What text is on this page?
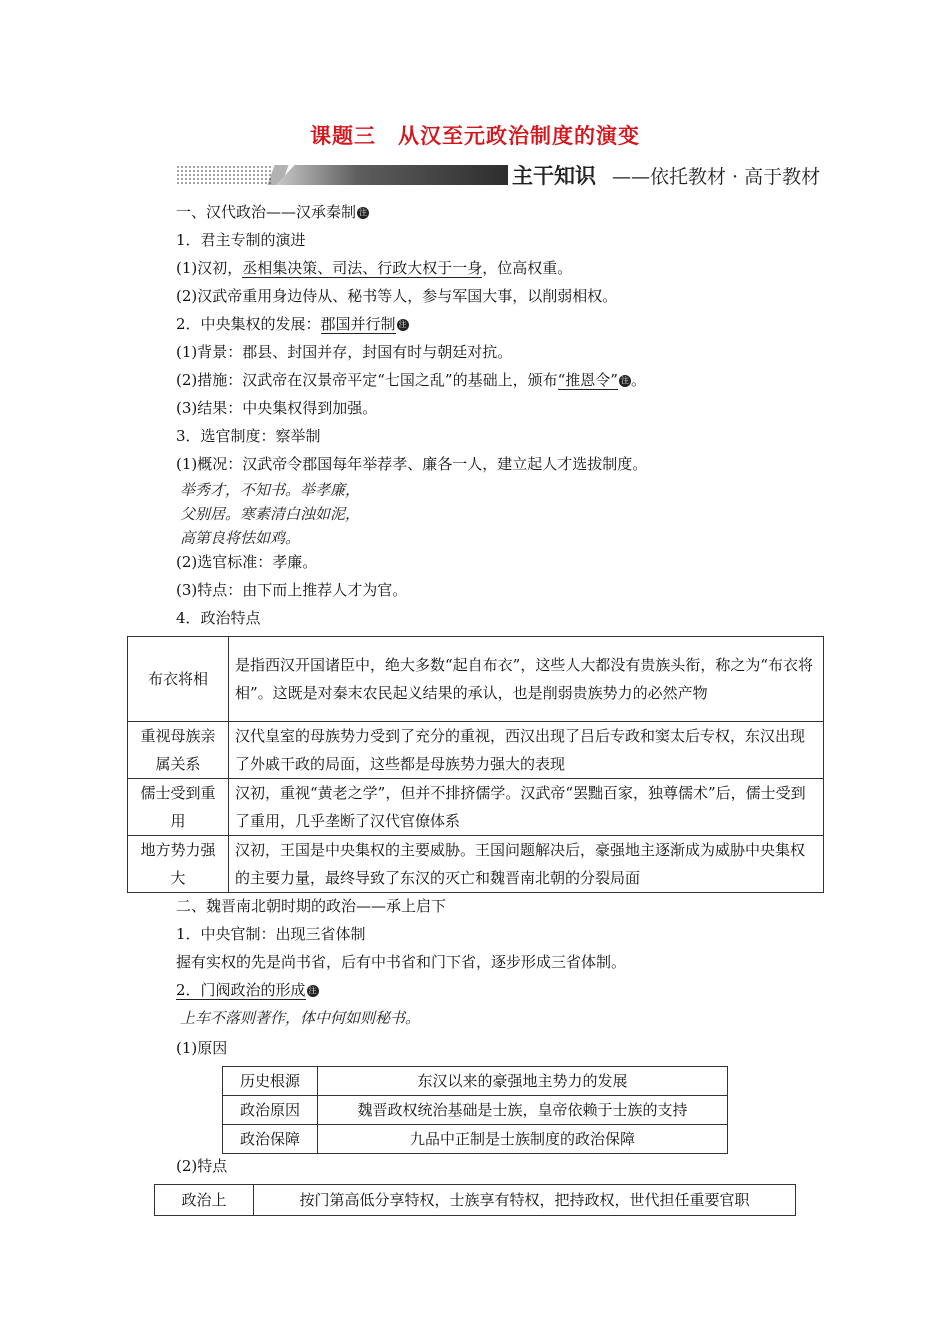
课题三　从汉至元政治制度的演变
主干知识 ——依托教材 · 高于教材
一、汉代政治——汉承秦制 注
1．君主专制的演进
(1)汉初，丞相集决策、司法、行政大权于一身，位高权重。
(2)汉武帝重用身边侍从、秘书等人，参与军国大事，以削弱相权。
2．中央集权的发展：郡国并行制 注
(1)背景：郡县、封国并存，封国有时与朝廷对抗。
(2)措施：汉武帝在汉景帝平定“七国之乱”的基础上，颁布“推恩令” 注 。
(3)结果：中央集权得到加强。
3．选官制度：察举制
(1)概况：汉武帝令郡国每年举荐孝、廉各一人，建立起人才选拔制度。
举秀才，不知书。举孝廉，
父别居。寒素清白浊如泥，
高第良将怯如鸡。
(2)选官标准：孝廉。
(3)特点：由下而上推荐人才为官。
4．政治特点
布衣将相	是指西汉开国诸臣中，绝大多数“起自布衣”，这些人大都没有贵族头衔，称之为“布衣将相”。这既是对秦末农民起义结果的承认，也是削弱贵族势力的必然产物
重视母族亲属关系	汉代皇室的母族势力受到了充分的重视，西汉出现了吕后专政和窦太后专权，东汉出现了外戚干政的局面，这些都是母族势力强大的表现
儒士受到重用	汉初，重视“黄老之学”，但并不排挤儒学。汉武帝“罢黜百家，独尊儒术”后，儒士受到了重用，几乎垄断了汉代官僚体系
地方势力强大	汉初，王国是中央集权的主要威胁。王国问题解决后，豪强地主逐渐成为威胁中央集权的主要力量，最终导致了东汉的灭亡和魏晋南北朝的分裂局面
二、魏晋南北朝时期的政治——承上启下
1．中央官制：出现三省体制
握有实权的先是尚书省，后有中书省和门下省，逐步形成三省体制。
2．门阀政治的形成 注
上车不落则著作，体中何如则秘书。
(1)原因
历史根源	东汉以来的豪强地主势力的发展
政治原因	魏晋政权统治基础是士族，皇帝依赖于士族的支持
政治保障	九品中正制是士族制度的政治保障
(2)特点
政治上	按门第高低分享特权，士族享有特权，把持政权，世代担任重要官职
